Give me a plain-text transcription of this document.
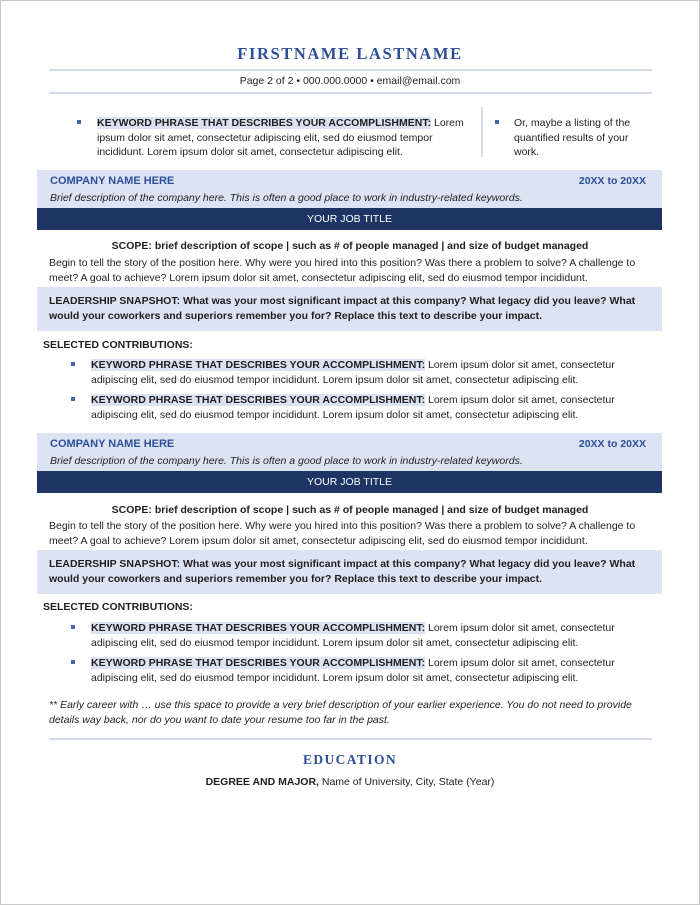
FIRSTNAME LASTNAME
Page 2 of 2 • 000.000.0000 • email@email.com
KEYWORD PHRASE THAT DESCRIBES YOUR ACCOMPLISHMENT: Lorem ipsum dolor sit amet, consectetur adipiscing elit, sed do eiusmod tempor incididunt. Lorem ipsum dolor sit amet, consectetur adipiscing elit.
Or, maybe a listing of the quantified results of your work.
COMPANY NAME HERE	20XX to 20XX
Brief description of the company here. This is often a good place to work in industry-related keywords.
YOUR JOB TITLE
SCOPE: brief description of scope | such as # of people managed | and size of budget managed
Begin to tell the story of the position here. Why were you hired into this position? Was there a problem to solve? A challenge to meet? A goal to achieve? Lorem ipsum dolor sit amet, consectetur adipiscing elit, sed do eiusmod tempor incididunt.
LEADERSHIP SNAPSHOT: What was your most significant impact at this company? What legacy did you leave? What would your coworkers and superiors remember you for? Replace this text to describe your impact.
SELECTED CONTRIBUTIONS:
KEYWORD PHRASE THAT DESCRIBES YOUR ACCOMPLISHMENT: Lorem ipsum dolor sit amet, consectetur adipiscing elit, sed do eiusmod tempor incididunt. Lorem ipsum dolor sit amet, consectetur adipiscing elit.
KEYWORD PHRASE THAT DESCRIBES YOUR ACCOMPLISHMENT: Lorem ipsum dolor sit amet, consectetur adipiscing elit, sed do eiusmod tempor incididunt. Lorem ipsum dolor sit amet, consectetur adipiscing elit.
COMPANY NAME HERE	20XX to 20XX
Brief description of the company here. This is often a good place to work in industry-related keywords.
YOUR JOB TITLE
SCOPE: brief description of scope | such as # of people managed | and size of budget managed
Begin to tell the story of the position here. Why were you hired into this position? Was there a problem to solve? A challenge to meet? A goal to achieve? Lorem ipsum dolor sit amet, consectetur adipiscing elit, sed do eiusmod tempor incididunt.
LEADERSHIP SNAPSHOT: What was your most significant impact at this company? What legacy did you leave? What would your coworkers and superiors remember you for? Replace this text to describe your impact.
SELECTED CONTRIBUTIONS:
KEYWORD PHRASE THAT DESCRIBES YOUR ACCOMPLISHMENT: Lorem ipsum dolor sit amet, consectetur adipiscing elit, sed do eiusmod tempor incididunt. Lorem ipsum dolor sit amet, consectetur adipiscing elit.
KEYWORD PHRASE THAT DESCRIBES YOUR ACCOMPLISHMENT: Lorem ipsum dolor sit amet, consectetur adipiscing elit, sed do eiusmod tempor incididunt. Lorem ipsum dolor sit amet, consectetur adipiscing elit.
** Early career with … use this space to provide a very brief description of your earlier experience. You do not need to provide details way back, nor do you want to date your resume too far in the past.
EDUCATION
DEGREE AND MAJOR, Name of University, City, State (Year)
